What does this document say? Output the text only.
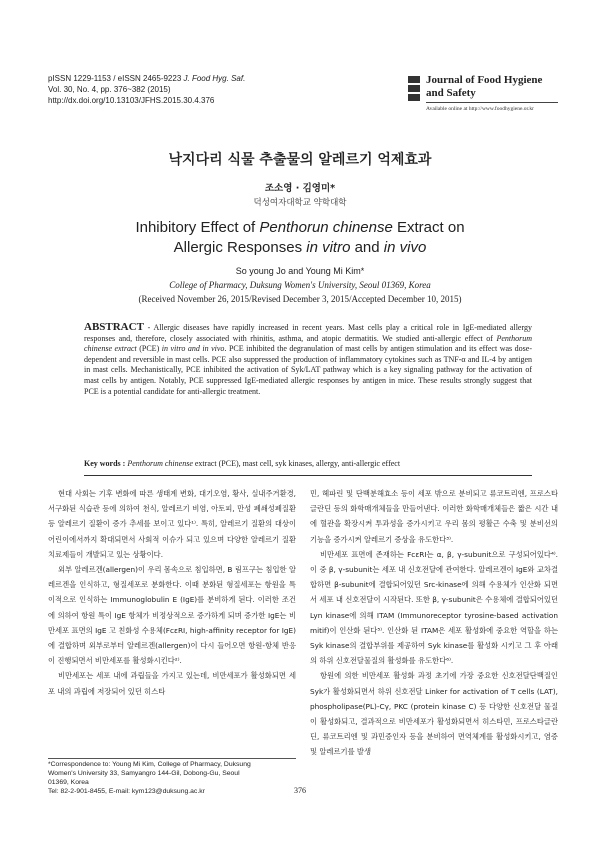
pISSN 1229-1153 / eISSN 2465-9223 J. Food Hyg. Saf.
Vol. 30, No. 4, pp. 376~382 (2015)
http://dx.doi.org/10.13103/JFHS.2015.30.4.376
Journal of Food Hygiene
and Safety
Available online at http://www.foodhygiene.or.kr
낙지다리 식물 추출물의 알레르기 억제효과
조소영 · 김영미*
덕성여자대학교 약학대학
Inhibitory Effect of Penthorun chinense Extract on
Allergic Responses in vitro and in vivo
So young Jo and Young Mi Kim*
College of Pharmacy, Duksung Women's University, Seoul 01369, Korea
(Received November 26, 2015/Revised December 3, 2015/Accepted December 10, 2015)
ABSTRACT - Allergic diseases have rapidly increased in recent years. Mast cells play a critical role in IgE-mediated allergy responses and, therefore, closely associated with rhinitis, asthma, and atopic dermatitis. We studied anti-allergic effect of Penthorum chinense extract (PCE) in vitro and in vivo. PCE inhibited the degranulation of mast cells by antigen stimulation and its effect was dose-dependent and reversible in mast cells. PCE also suppressed the production of inflammatory cytokines such as TNF-α and IL-4 by antigen in mast cells. Mechanistically, PCE inhibited the activation of Syk/LAT pathway which is a key signaling pathway for the activation of mast cells by antigen. Notably, PCE suppressed IgE-mediated allergic responses by antigen in mice. These results strongly suggest that PCE is a potential candidate for anti-allergic treatment.
Key words : Penthorum chinense extract (PCE), mast cell, syk kinases, allergy, anti-allergic effect

현대 사회는 기후 변화에 따른 생태계 변화, 대기오염, 황사, 실내주거환경, 서구화된 식습관 등에 의하여 천식, 알레르기 비염, 아토피, 만성 폐쇄성폐질환 등 알레르기 질환이 증가 추세를 보이고 있다¹⁾. 특히, 알레르기 질환의 대상이 어린이에서까지 확대되면서 사회적 이슈가 되고 있으며 다양한 알레르기 질환 치료제들이 개발되고 있는 상황이다.

외부 알레르겐(allergen)이 우리 몸속으로 침입하면, B 림프구는 침입한 알레르겐을 인식하고, 형질세포로 분화한다. 이때 분화된 형질세포는 항원을 특이적으로 인식하는 Immunoglobulin E (IgE)를 분비하게 된다. 이러한 조건에 의하여 항원 특이 IgE 항체가 비정상적으로 증가하게 되며 증가한 IgE는 비만세포 표면의 IgE 고 친화성 수용체(FcεRI, high-affinity receptor for IgE)에 결합하며 외부로부터 알레르겐(allergen)이 다시 들어오면 항원-항체 반응이 진행되면서 비만세포를 활성화시킨다²⁾.

비만세포는 세포 내에 과립들을 가지고 있는데, 비만세포가 활성화되면 세포 내의 과립에 저장되어 있던 히스타

민, 헤파린 및 단백분해효소 등이 세포 밖으로 분비되고 류코트리엔, 프로스타글란딘 등의 화학매개체들을 만들어낸다. 이러한 화학매개체들은 짧은 시간 내에 혈관을 확장시켜 투과성을 증가시키고 우리 몸의 평활근 수축 및 분비선의 기능을 증가시켜 알레르기 증상을 유도한다³⁾.

비만세포 표면에 존재하는 FcεRI는 α, β, γ-subunit으로 구성되어있다⁴⁾. 이 중 β, γ-subunit는 세포 내 신호전달에 관여한다. 알레르겐이 IgE와 교차결합하면 β-subunit에 결합되어있던 Src-kinase에 의해 수용체가 인산화 되면서 세포 내 신호전달이 시작된다. 또한 β, γ-subunit은 수용체에 결합되어있던 Lyn kinase에 의해 ITAM (Immunoreceptor tyrosine-based activation mitif)이 인산화 된다⁵⁾. 인산화 된 ITAM은 세포 활성화에 중요한 역할을 하는 Syk kinase의 결합부위를 제공하여 Syk kinase를 활성화 시키고 그 후 아래의 하위 신호전달물질의 활성화를 유도한다⁶⁾.

항원에 의한 비만세포 활성화 과정 초기에 가장 중요한 신호전달단백질인 Syk가 활성화되면서 하위 신호전달 Linker for activation of T cells (LAT), phospholipase(PL)-Cγ, PKC (protein kinase C) 등 다양한 신호전달 물질이 활성화되고, 결과적으로 비만세포가 활성화되면서 히스타민, 프로스타글란딘, 류코트리엔 및 과민증인자 등을 분비하여 면역체계를 활성화시키고, 염증 및 알레르기를 발생

*Correspondence to: Young Mi Kim, College of Pharmacy, Duksung
Women's University 33, Samyangro 144-Gil, Dobong-Gu, Seoul
01369, Korea
Tel: 82-2-901-8455, E-mail: kym123@duksung.ac.kr	376
